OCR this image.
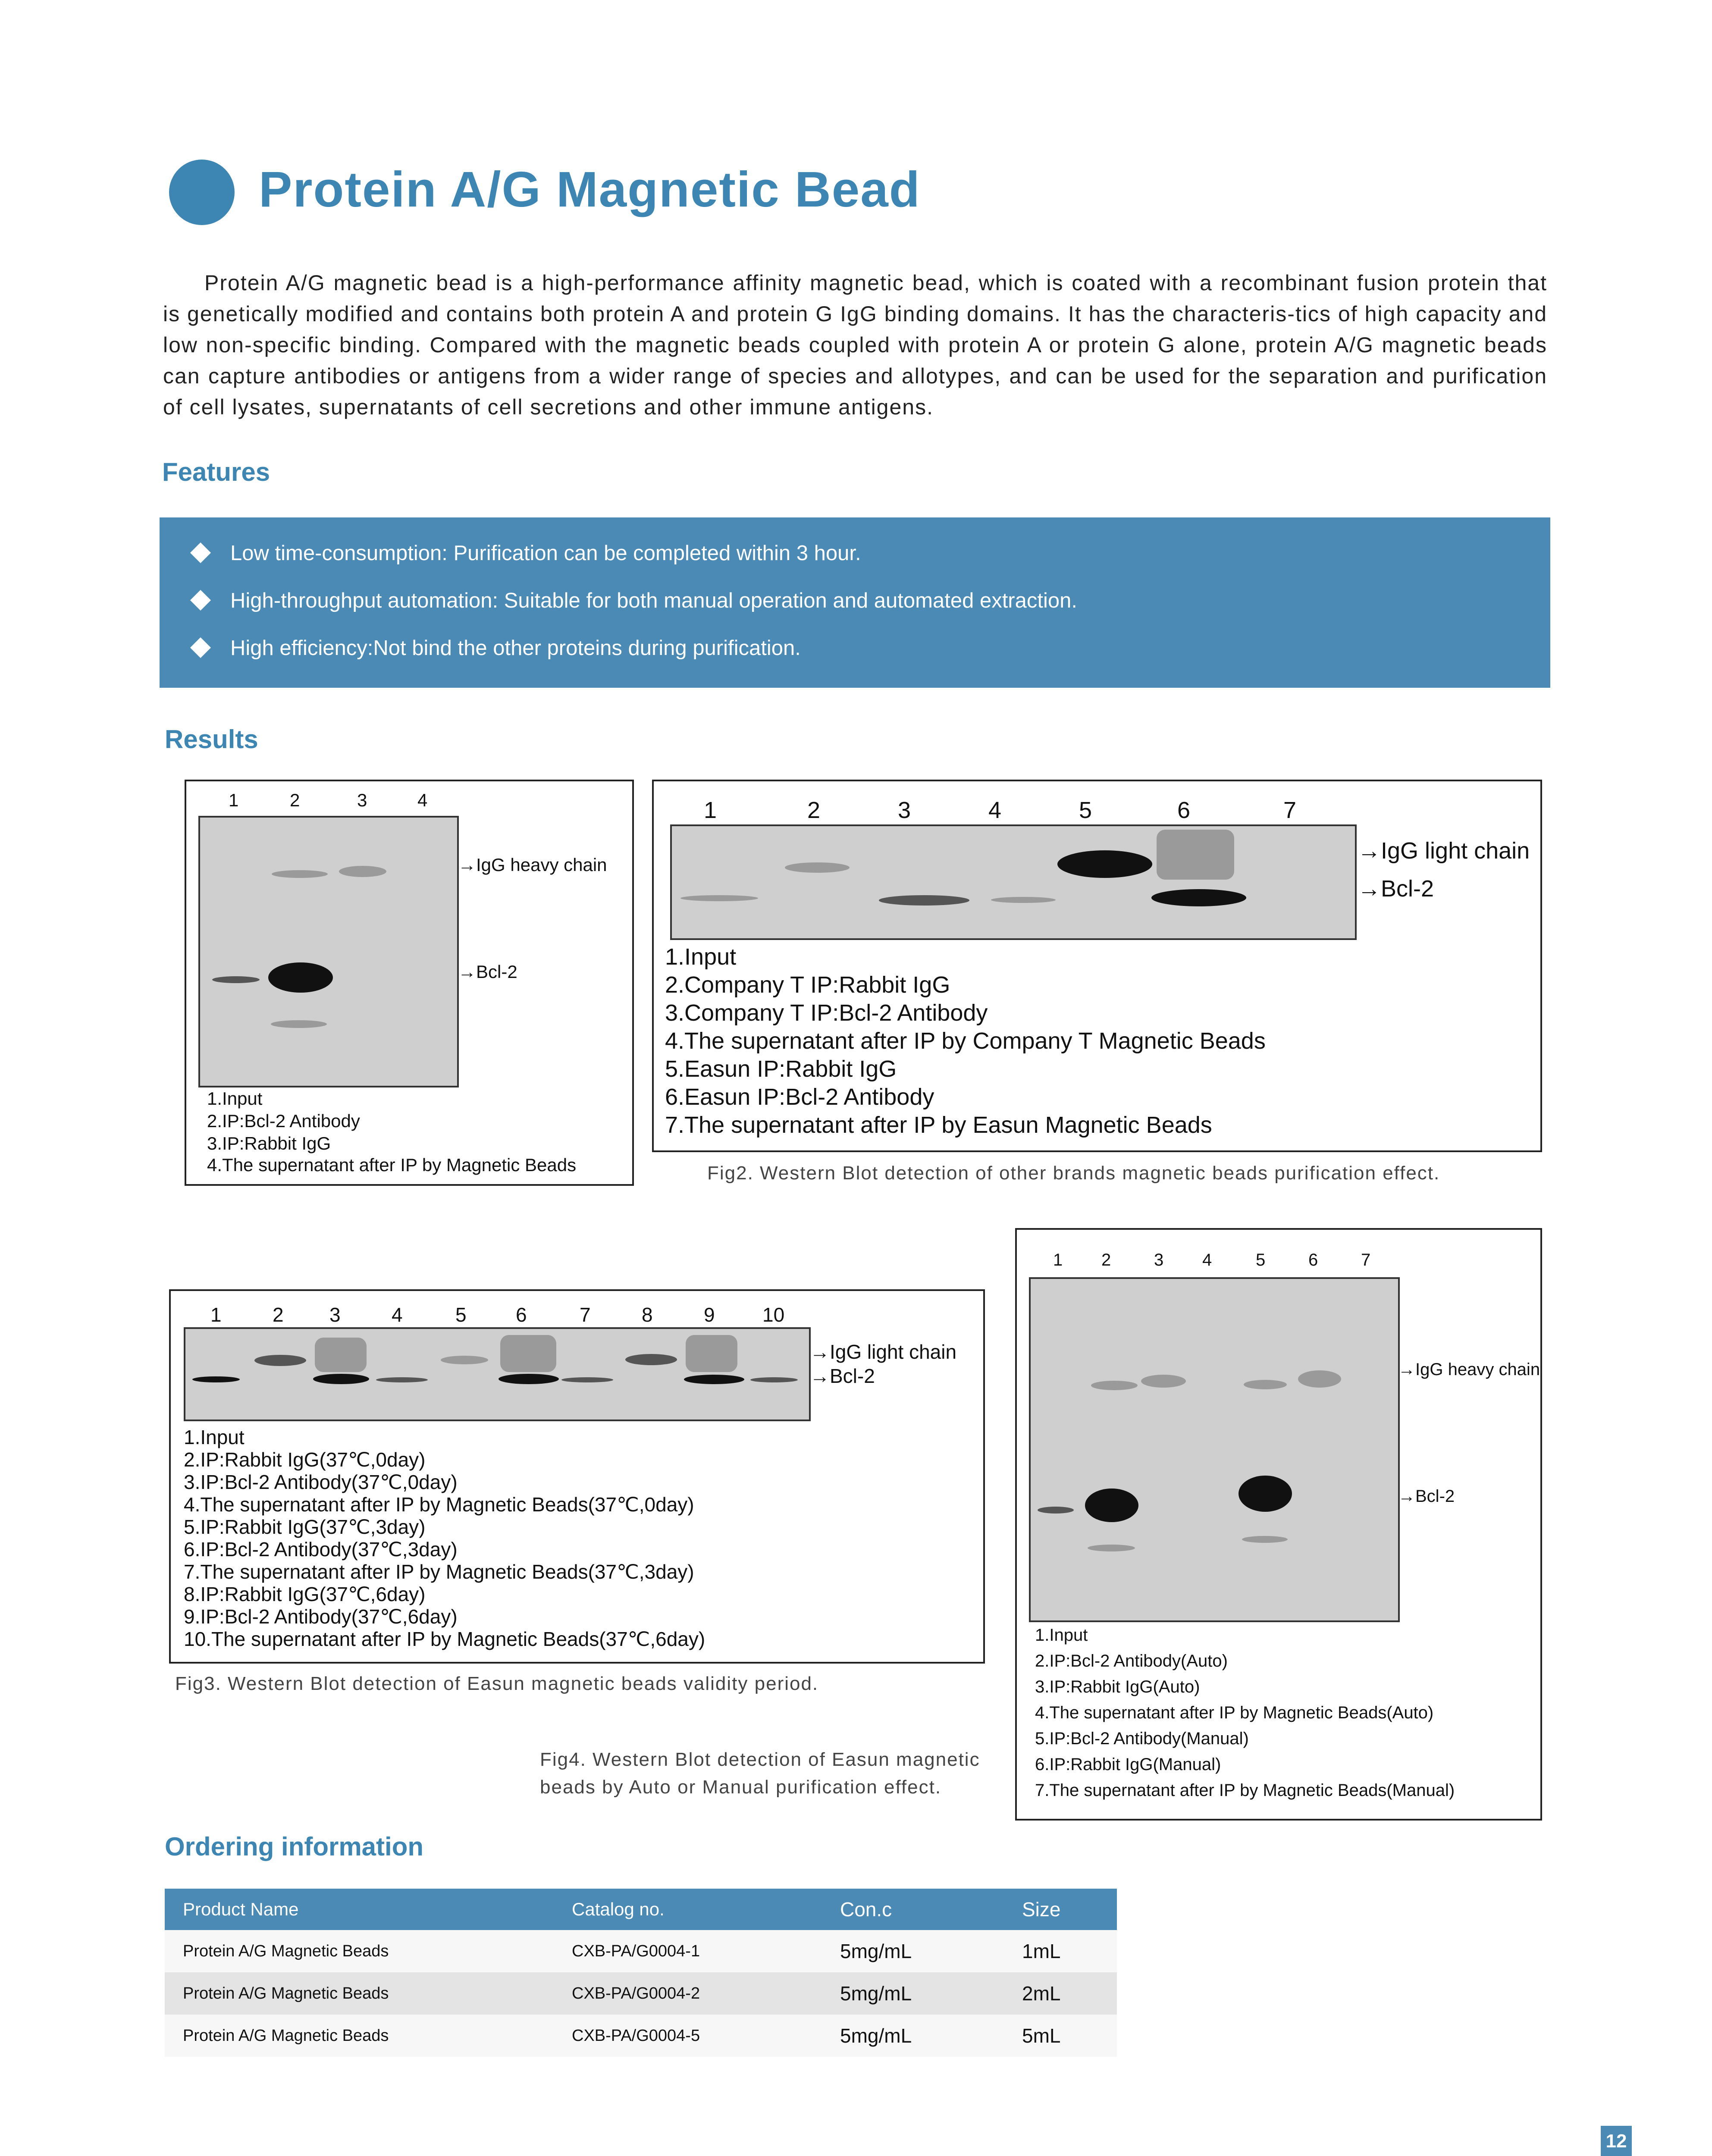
Protein A/G Magnetic Bead
Protein A/G magnetic bead is a high-performance affinity magnetic bead, which is coated with a recombinant fusion protein that is genetically modified and contains both protein A and protein G IgG binding domains. It has the characteris-tics of high capacity and low non-specific binding. Compared with the magnetic beads coupled with protein A or protein G alone, protein A/G magnetic beads can capture antibodies or antigens from a wider range of species and allotypes, and can be used for the separation and purification of cell lysates, supernatants of cell secretions and other immune antigens.
Features
Low time-consumption: Purification can be completed within 3 hour.
High-throughput automation: Suitable for both manual operation and automated extraction.
High efficiency:Not bind the other proteins during purification.
Results
1	2	3	4
→IgG heavy chain
→Bcl-2
1.Input
2.IP:Bcl-2 Antibody
3.IP:Rabbit IgG
4.The supernatant after IP by Magnetic Beads
1	2	3	4	5	6	7
→IgG light chain
→Bcl-2
1.Input
2.Company T IP:Rabbit IgG
3.Company T IP:Bcl-2 Antibody
4.The supernatant after IP by Company T Magnetic Beads
5.Easun IP:Rabbit IgG
6.Easun IP:Bcl-2 Antibody
7.The supernatant after IP by Easun Magnetic Beads
Fig2. Western Blot detection of other brands magnetic beads purification effect.
1	2 3	4	5 6	7	8	9 10
→IgG light chain
→Bcl-2
1.Input
2.IP:Rabbit IgG(37℃,0day)
3.IP:Bcl-2 Antibody(37℃,0day)
4.The supernatant after IP by Magnetic Beads(37℃,0day)
5.IP:Rabbit IgG(37℃,3day)
6.IP:Bcl-2 Antibody(37℃,3day)
7.The supernatant after IP by Magnetic Beads(37℃,3day)
8.IP:Rabbit IgG(37℃,6day)
9.IP:Bcl-2 Antibody(37℃,6day)
10.The supernatant after IP by Magnetic Beads(37℃,6day)
Fig3. Western Blot detection of Easun magnetic beads validity period.
1 2 3 4	5 6 7
→IgG heavy chain
→Bcl-2
1.Input
2.IP:Bcl-2 Antibody(Auto)
3.IP:Rabbit IgG(Auto)
4.The supernatant after IP by Magnetic Beads(Auto)
5.IP:Bcl-2 Antibody(Manual)
6.IP:Rabbit IgG(Manual)
7.The supernatant after IP by Magnetic Beads(Manual)
Fig4. Western Blot detection of Easun magnetic
beads by Auto or Manual purification effect.
Ordering information
Product Name	Catalog no.	Con.c	Size
Protein A/G Magnetic Beads	CXB-PA/G0004-1	5mg/mL	1mL
Protein A/G Magnetic Beads	CXB-PA/G0004-2	5mg/mL	2mL
Protein A/G Magnetic Beads	CXB-PA/G0004-5	5mg/mL	5mL
12
